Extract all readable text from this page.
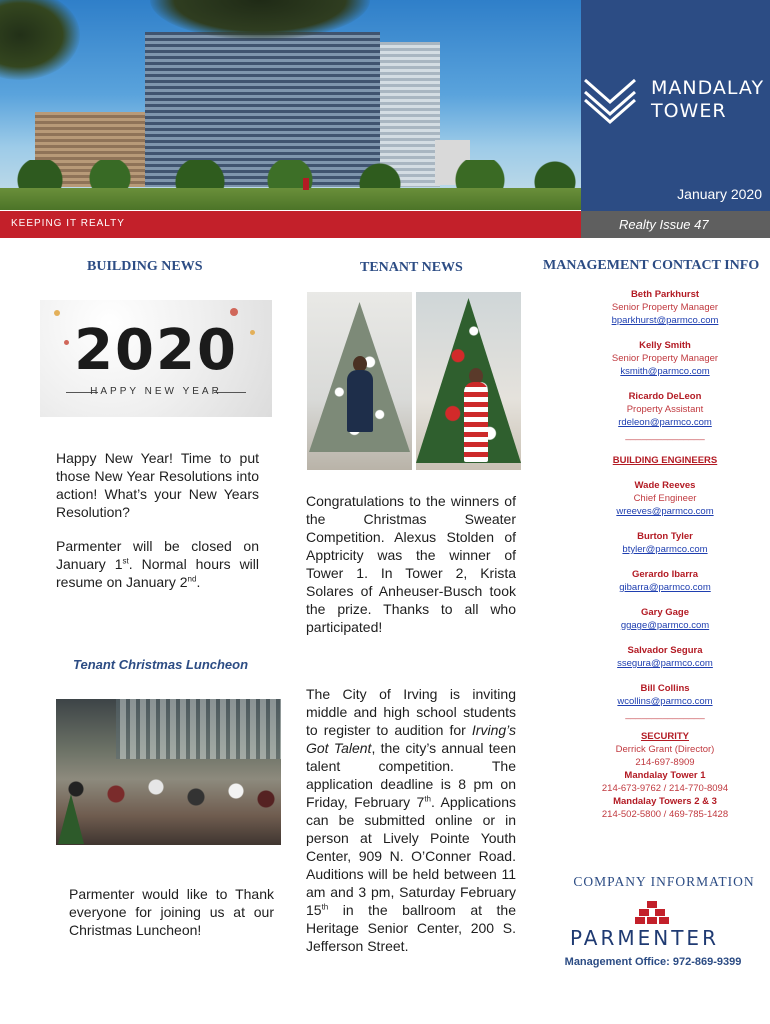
MANDALAY
TOWER
January 2020
KEEPING IT REALTY	Realty Issue 47
BUILDING NEWS	TENANT NEWS	MANAGEMENT CONTACT INFO
2020
HAPPY NEW YEAR

Happy New Year! Time to put those New Year Resolutions into action! What’s your New Years Resolution?

Parmenter will be closed on January 1st. Normal hours will resume on January 2nd.

Tenant Christmas Luncheon

Parmenter would like to Thank everyone for joining us at our Christmas Luncheon!

Congratulations to the winners of the Christmas Sweater Competition. Alexus Stolden of Apptricity was the winner of Tower 1. In Tower 2, Krista Solares of Anheuser-Busch took the prize. Thanks to all who participated!

The City of Irving is inviting middle and high school students to register to audition for Irving’s Got Talent, the city’s annual teen talent competition. The application deadline is 8 pm on Friday, February 7th. Applications can be submitted online or in person at Lively Pointe Youth Center, 909 N. O’Conner Road. Auditions will be held between 11 am and 3 pm, Saturday February 15th in the ballroom at the Heritage Senior Center, 200 S. Jefferson Street.

Beth Parkhurst
Senior Property Manager
bparkhurst@parmco.com
Kelly Smith
Senior Property Manager
ksmith@parmco.com
Ricardo DeLeon
Property Assistant
rdeleon@parmco.com
_______________
BUILDING ENGINEERS
Wade Reeves
Chief Engineer
wreeves@parmco.com
Burton Tyler
btyler@parmco.com
Gerardo Ibarra
gibarra@parmco.com
Gary Gage
ggage@parmco.com
Salvador Segura
ssegura@parmco.com
Bill Collins
wcollins@parmco.com
_______________
SECURITY
Derrick Grant (Director)
214-697-8909
Mandalay Tower 1
214-673-9762 / 214-770-8094
Mandalay Towers 2 & 3
214-502-5800 / 469-785-1428
COMPANY INFORMATION
PARMENTER
Management Office: 972-869-9399
